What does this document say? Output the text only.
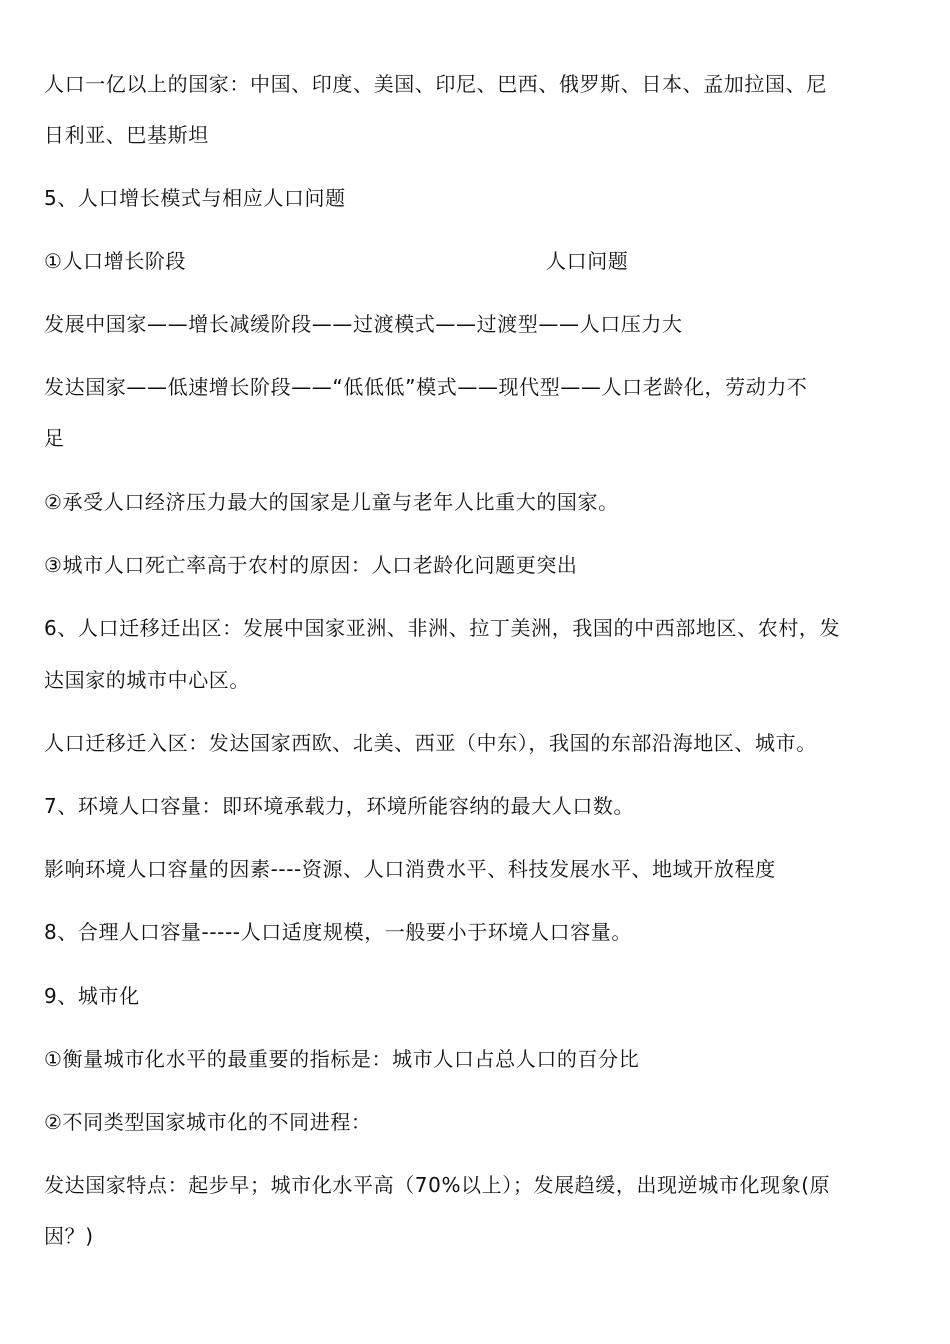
人口一亿以上的国家：中国、印度、美国、印尼、巴西、俄罗斯、日本、孟加拉国、尼
日利亚、巴基斯坦
5、人口增长模式与相应人口问题
①人口增长阶段	人口问题
发展中国家——增长减缓阶段——过渡模式——过渡型——人口压力大
发达国家——低速增长阶段——“低低低”模式——现代型——人口老龄化，劳动力不
足
②承受人口经济压力最大的国家是儿童与老年人比重大的国家。
③城市人口死亡率高于农村的原因：人口老龄化问题更突出
6、人口迁移迁出区：发展中国家亚洲、非洲、拉丁美洲，我国的中西部地区、农村，发
达国家的城市中心区。
人口迁移迁入区：发达国家西欧、北美、西亚（中东），我国的东部沿海地区、城市。
7、环境人口容量：即环境承载力，环境所能容纳的最大人口数。
影响环境人口容量的因素----资源、人口消费水平、科技发展水平、地域开放程度
8、合理人口容量-----人口适度规模，一般要小于环境人口容量。
9、城市化
①衡量城市化水平的最重要的指标是：城市人口占总人口的百分比
②不同类型国家城市化的不同进程：
发达国家特点：起步早；城市化水平高（70%以上）；发展趋缓，出现逆城市化现象(原
因？)
